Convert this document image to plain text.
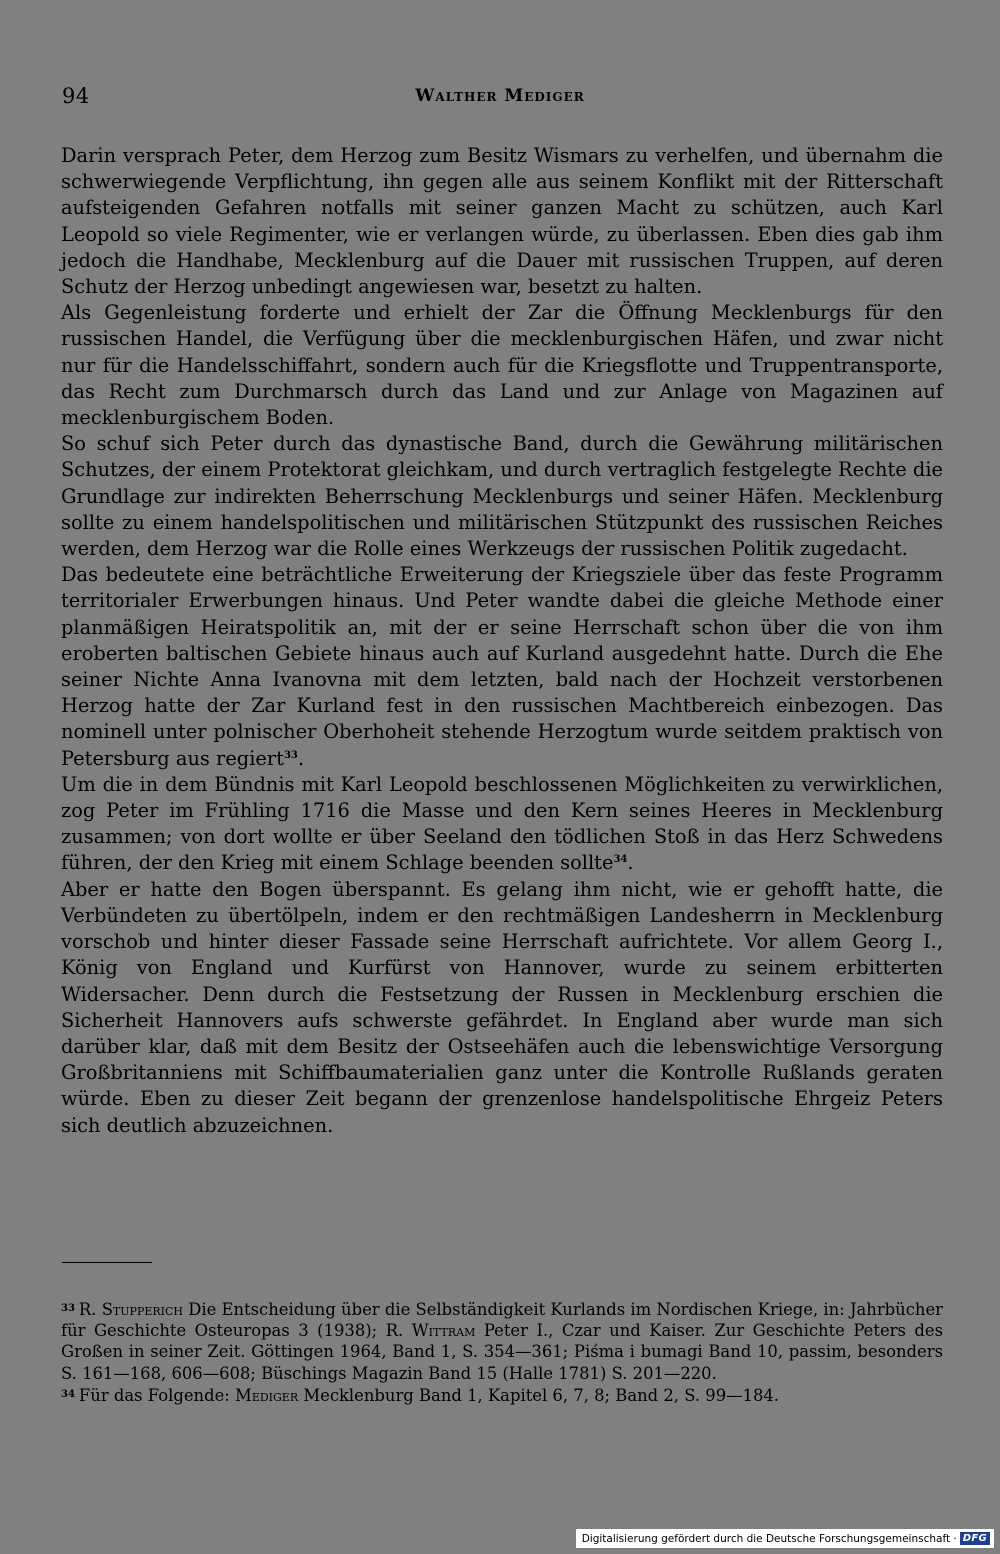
94	Walther Mediger

Darin versprach Peter, dem Herzog zum Besitz Wismars zu verhelfen, und übernahm die schwerwiegende Verpflichtung, ihn gegen alle aus seinem Konflikt mit der Ritterschaft aufsteigenden Gefahren notfalls mit seiner ganzen Macht zu schützen, auch Karl Leopold so viele Regimenter, wie er verlangen würde, zu überlassen. Eben dies gab ihm jedoch die Handhabe, Mecklenburg auf die Dauer mit russischen Truppen, auf deren Schutz der Herzog unbedingt angewiesen war, besetzt zu halten.

Als Gegenleistung forderte und erhielt der Zar die Öffnung Mecklenburgs für den russischen Handel, die Verfügung über die mecklenburgischen Häfen, und zwar nicht nur für die Handelsschiffahrt, sondern auch für die Kriegsflotte und Truppentransporte, das Recht zum Durchmarsch durch das Land und zur Anlage von Magazinen auf mecklenburgischem Boden.

So schuf sich Peter durch das dynastische Band, durch die Gewährung militärischen Schutzes, der einem Protektorat gleichkam, und durch vertraglich festgelegte Rechte die Grundlage zur indirekten Beherrschung Mecklenburgs und seiner Häfen. Mecklenburg sollte zu einem handelspolitischen und militärischen Stützpunkt des russischen Reiches werden, dem Herzog war die Rolle eines Werkzeugs der russischen Politik zugedacht.

Das bedeutete eine beträchtliche Erweiterung der Kriegsziele über das feste Programm territorialer Erwerbungen hinaus. Und Peter wandte dabei die gleiche Methode einer planmäßigen Heiratspolitik an, mit der er seine Herrschaft schon über die von ihm eroberten baltischen Gebiete hinaus auch auf Kurland ausgedehnt hatte. Durch die Ehe seiner Nichte Anna Ivanovna mit dem letzten, bald nach der Hochzeit verstorbenen Herzog hatte der Zar Kurland fest in den russischen Machtbereich einbezogen. Das nominell unter polnischer Oberhoheit stehende Herzogtum wurde seitdem praktisch von Petersburg aus regiert$^{33}$.

Um die in dem Bündnis mit Karl Leopold beschlossenen Möglichkeiten zu verwirklichen, zog Peter im Frühling 1716 die Masse und den Kern seines Heeres in Mecklenburg zusammen; von dort wollte er über Seeland den tödlichen Stoß in das Herz Schwedens führen, der den Krieg mit einem Schlage beenden sollte$^{34}$.

Aber er hatte den Bogen überspannt. Es gelang ihm nicht, wie er gehofft hatte, die Verbündeten zu übertölpeln, indem er den rechtmäßigen Landesherrn in Mecklenburg vorschob und hinter dieser Fassade seine Herrschaft aufrichtete. Vor allem Georg I., König von England und Kurfürst von Hannover, wurde zu seinem erbitterten Widersacher. Denn durch die Festsetzung der Russen in Mecklenburg erschien die Sicherheit Hannovers aufs schwerste gefährdet. In England aber wurde man sich darüber klar, daß mit dem Besitz der Ostseehäfen auch die lebenswichtige Versorgung Großbritanniens mit Schiffbaumaterialien ganz unter die Kontrolle Rußlands geraten würde. Eben zu dieser Zeit begann der grenzenlose handelspolitische Ehrgeiz Peters sich deutlich abzuzeichnen.

$^{33}$ R. Stupperich Die Entscheidung über die Selbständigkeit Kurlands im Nordischen Kriege, in: Jahrbücher für Geschichte Osteuropas 3 (1938); R. Wittram Peter I., Czar und Kaiser. Zur Geschichte Peters des Großen in seiner Zeit. Göttingen 1964, Band 1, S. 354—361; Piśma i bumagi Band 10, passim, besonders S. 161—168, 606—608; Büschings Magazin Band 15 (Halle 1781) S. 201—220.

$^{34}$ Für das Folgende: Mediger Mecklenburg Band 1, Kapitel 6, 7, 8; Band 2, S. 99—184.

Digitalisierung gefördert durch die Deutsche Forschungsgemeinschaft · DFG
